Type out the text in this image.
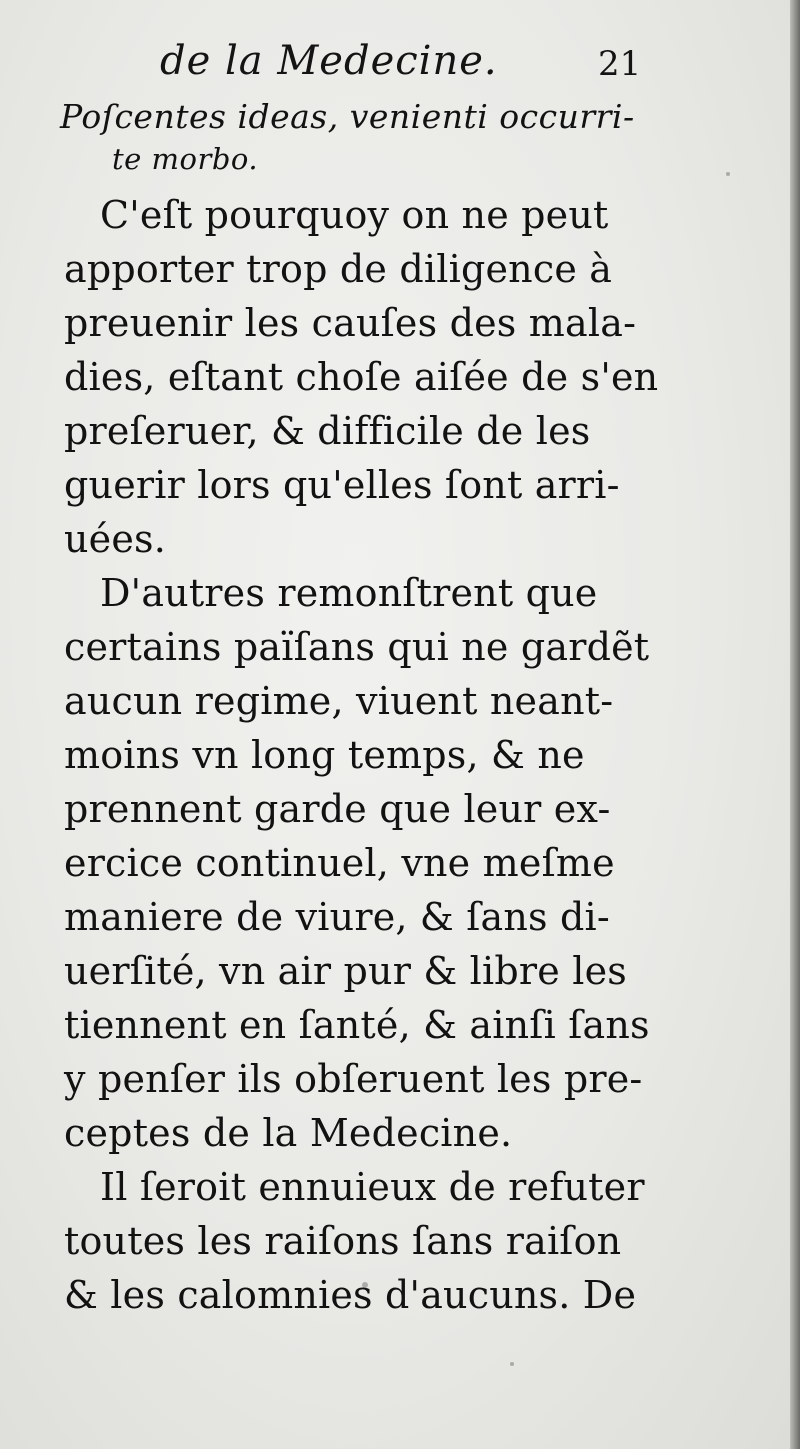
de la Medecine.	21
Poſcentes ideas, venienti occurri-
te morbo.
C'eſt pourquoy on ne peut
apporter trop de diligence à
preuenir les cauſes des mala-
dies, eſtant choſe aiſée de s'en
preſeruer, & difficile de les
guerir lors qu'elles ſont arri-
uées.
D'autres remonſtrent que
certains païſans qui ne gardẽt
aucun regime, viuent neant-
moins vn long temps, & ne
prennent garde que leur ex-
ercice continuel, vne meſme
maniere de viure, & ſans di-
uerſité, vn air pur & libre les
tiennent en ſanté, & ainſi ſans
y penſer ils obſeruent les pre-
ceptes de la Medecine.
Il ſeroit ennuieux de refuter
toutes les raiſons ſans raiſon
& les calomnies d'aucuns. De
